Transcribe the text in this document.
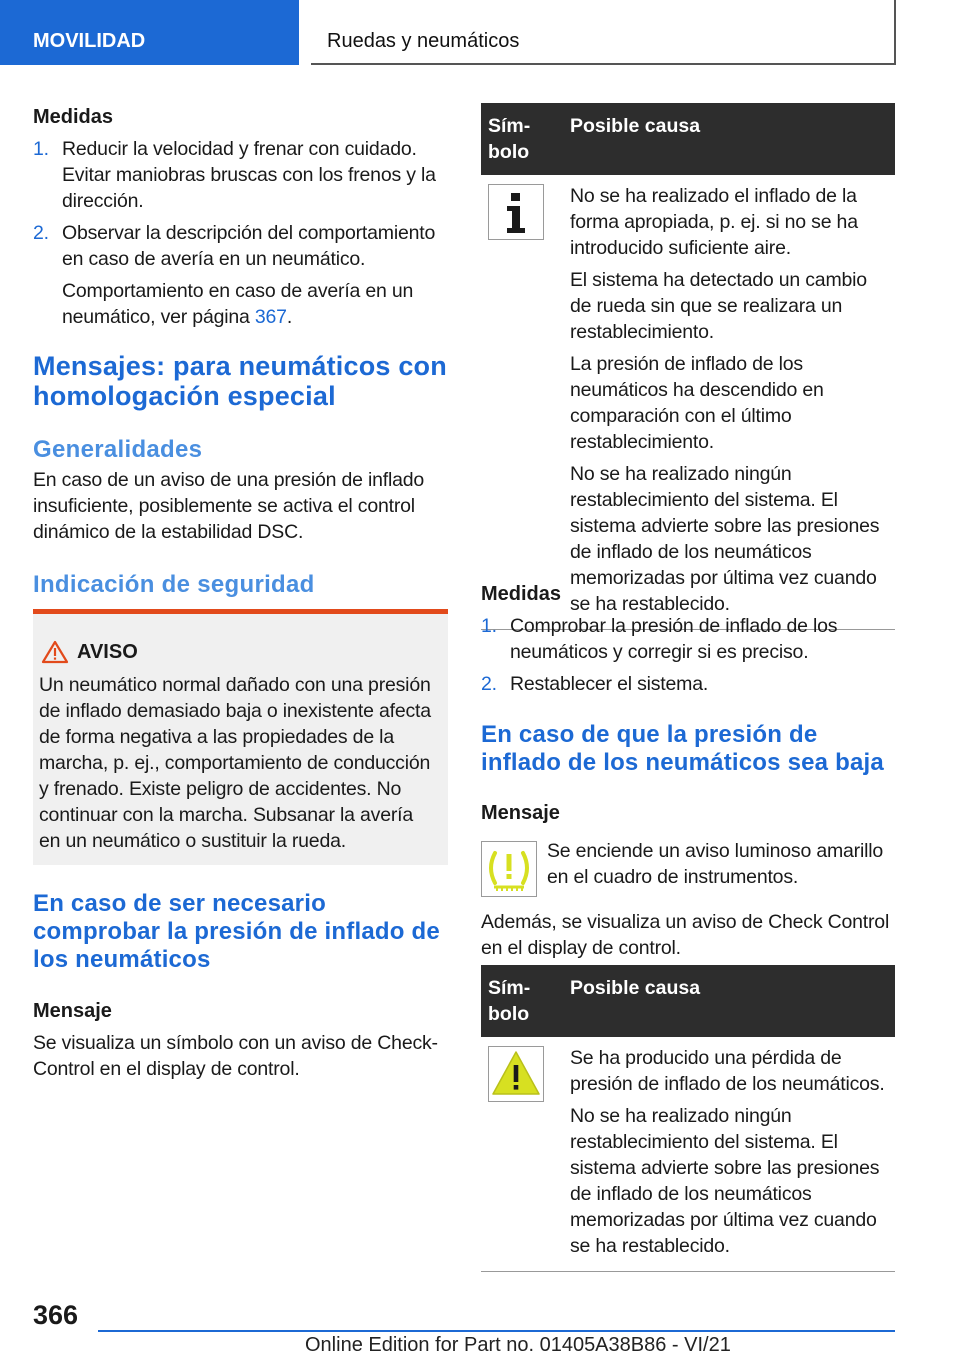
MOVILIDAD	Ruedas y neumáticos
Medidas
1. Reducir la velocidad y frenar con cuidado. Evitar maniobras bruscas con los frenos y la dirección.
2. Observar la descripción del comportamiento en caso de avería en un neumático.

Comportamiento en caso de avería en un neumático, ver página 367.

Mensajes: para neumáticos con homologación especial
Generalidades

En caso de un aviso de una presión de inflado insuficiente, posiblemente se activa el control dinámico de la estabilidad DSC.

Indicación de seguridad
AVISO

Un neumático normal dañado con una presión de inflado demasiado baja o inexistente afecta de forma negativa a las propiedades de la marcha, p. ej., comportamiento de conducción y frenado. Existe peligro de accidentes. No continuar con la marcha. Subsanar la avería en un neumático o sustituir la rueda.

En caso de ser necesario comprobar la presión de inflado de los neumáticos
Mensaje

Se visualiza un símbolo con un aviso de Check-Control en el display de control.

Sím-bolo	Posible causa

No se ha realizado el inflado de la forma apropiada, p. ej. si no se ha introducido suficiente aire.

El sistema ha detectado un cambio de rueda sin que se realizara un restablecimiento.

La presión de inflado de los neumáticos ha descendido en comparación con el último restablecimiento.

No se ha realizado ningún restablecimiento del sistema. El sistema advierte sobre las presiones de inflado de los neumáticos memorizadas por última vez cuando se ha restablecido.

Medidas
1. Comprobar la presión de inflado de los neumáticos y corregir si es preciso.
2. Restablecer el sistema.
En caso de que la presión de inflado de los neumáticos sea baja
Mensaje

Se enciende un aviso luminoso amarillo en el cuadro de instrumentos.

Además, se visualiza un aviso de Check Control en el display de control.

Sím-bolo	Posible causa

Se ha producido una pérdida de presión de inflado de los neumáticos.

No se ha realizado ningún restablecimiento del sistema. El sistema advierte sobre las presiones de inflado de los neumáticos memorizadas por última vez cuando se ha restablecido.

366
Online Edition for Part no. 01405A38B86 - VI/21
